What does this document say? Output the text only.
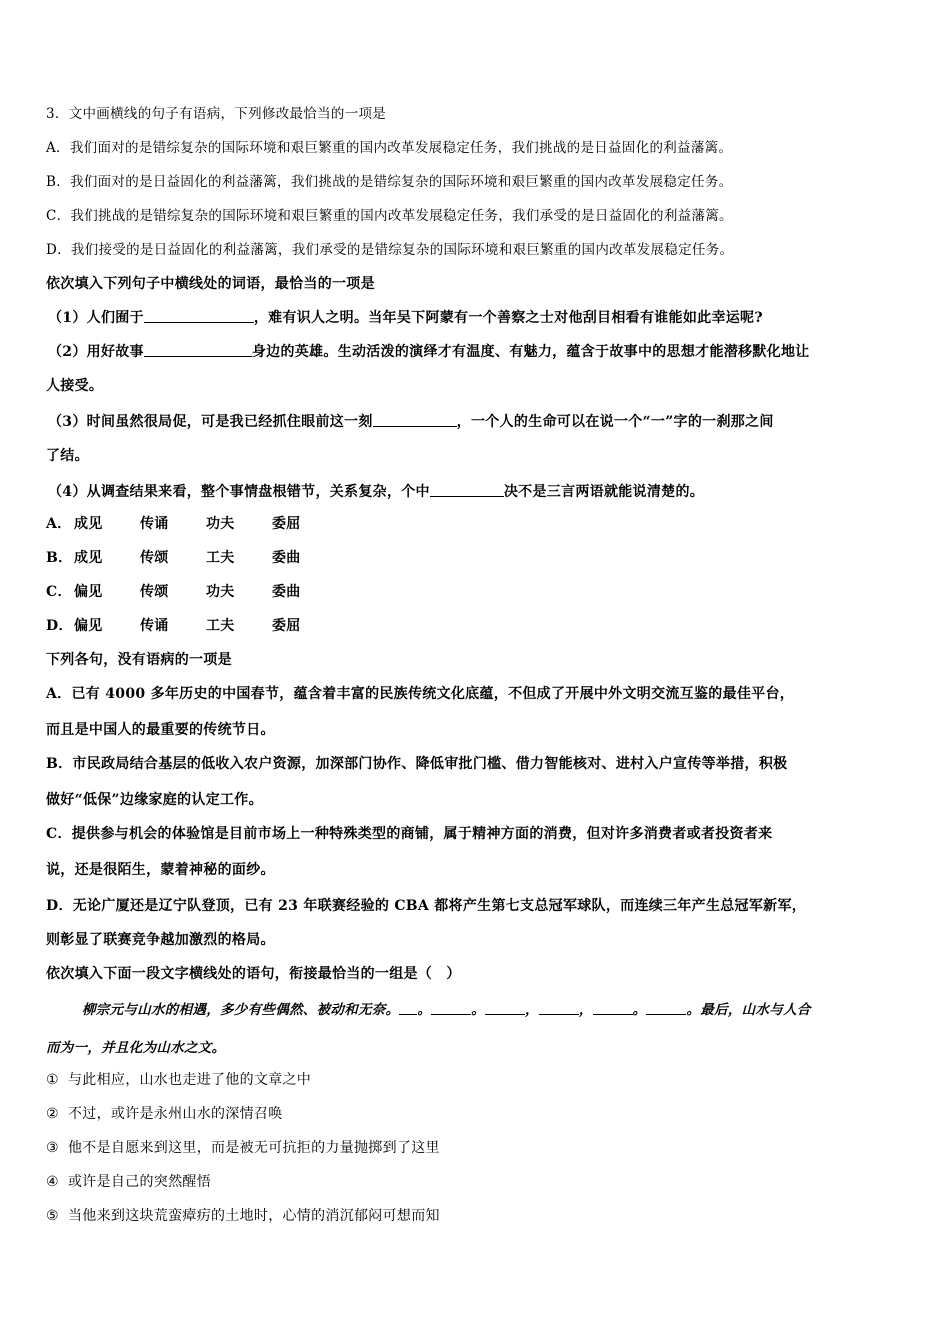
3．文中画横线的句子有语病，下列修改最恰当的一项是
A．我们面对的是错综复杂的国际环境和艰巨繁重的国内改革发展稳定任务，我们挑战的是日益固化的利益藩篱。
B．我们面对的是日益固化的利益藩篱，我们挑战的是错综复杂的国际环境和艰巨繁重的国内改革发展稳定任务。
C．我们挑战的是错综复杂的国际环境和艰巨繁重的国内改革发展稳定任务，我们承受的是日益固化的利益藩篱。
D．我们接受的是日益固化的利益藩篱，我们承受的是错综复杂的国际环境和艰巨繁重的国内改革发展稳定任务。
依次填入下列句子中横线处的词语，最恰当的一项是
（1）人们囿于	，难有识人之明。当年吴下阿蒙有一个善察之士对他刮目相看有谁能如此幸运呢?
（2）用好故事	身边的英雄。生动活泼的演绎才有温度、有魅力，蕴含于故事中的思想才能潜移默化地让
人接受。
（3）时间虽然很局促，可是我已经抓住眼前这一刻	，一个人的生命可以在说一个“一”字的一刹那之间
了结。
（4）从调查结果来看，整个事情盘根错节，关系复杂，个中	决不是三言两语就能说清楚的。
A． 成见	传诵	功夫	委屈
B． 成见	传颂	工夫	委曲
C． 偏见	传颂	功夫	委曲
D．偏见	传诵	工夫	委屈
下列各句，没有语病的一项是
A．已有 4000 多年历史的中国春节，蕴含着丰富的民族传统文化底蕴，不但成了开展中外文明交流互鉴的最佳平台，
而且是中国人的最重要的传统节日。
B．市民政局结合基层的低收入农户资源，加深部门协作、降低审批门槛、借力智能核对、进村入户宣传等举措，积极
做好“低保”边缘家庭的认定工作。
C．提供参与机会的体验馆是目前市场上一种特殊类型的商铺，属于精神方面的消费，但对许多消费者或者投资者来
说，还是很陌生，蒙着神秘的面纱。
D．无论广厦还是辽宁队登顶，已有 23 年联赛经验的 CBA 都将产生第七支总冠军球队，而连续三年产生总冠军新军，
则彰显了联赛竞争越加激烈的格局。
依次填入下面一段文字横线处的语句，衔接最恰当的一组是（　）
柳宗元与山水的相遇，多少有些偶然、被动和无奈。 。	。	，	，	。	。最后，山水与人合
而为一，并且化为山水之文。
① 与此相应，山水也走进了他的文章之中
② 不过，或许是永州山水的深情召唤
③ 他不是自愿来到这里，而是被无可抗拒的力量抛掷到了这里
④ 或许是自己的突然醒悟
⑤ 当他来到这块荒蛮瘴疠的土地时，心情的消沉郁闷可想而知
